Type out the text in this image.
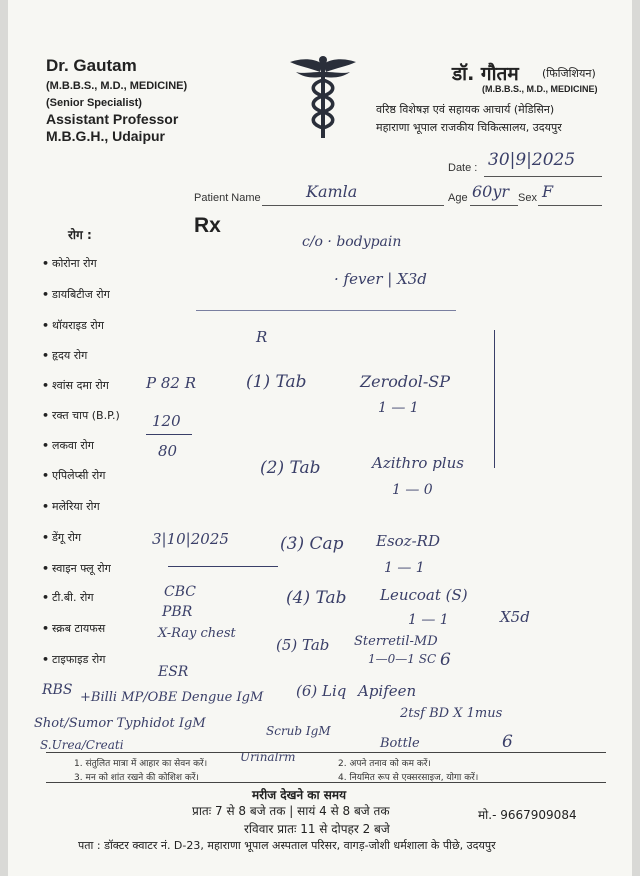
Dr. Gautam
(M.B.B.S., M.D., MEDICINE)
(Senior Specialist)
Assistant Professor
M.B.G.H., Udaipur
डॉ. गौतम (फिजिशियन)
(M.B.B.S., M.D., MEDICINE)
वरिष्ठ विशेषज्ञ एवं सहायक आचार्य (मेडिसिन)
महाराणा भूपाल राजकीय चिकित्सालय, उदयपुर
Date : 30|9|2025
Patient Name	Kamla	Age 60yr Sex F
Rx
रोग :
• कोरोना रोग
• डायबिटीज रोग
• थॉयराइड रोग
• हृदय रोग
• श्वांस दमा रोग
• रक्त चाप (B.P.)
• लकवा रोग
• एपिलेप्सी रोग
• मलेरिया रोग
• डेंगू रोग
• स्वाइन फ्लू रोग
• टी.बी. रोग
• स्क्रब टायफस
• टाइफाइड रोग
c/o · bodypain
· fever | X3d
R
P 82 R
120
80
(1) Tab	Zerodol-SP
1 — 1
(2) Tab	Azithro plus
1 — 0
3|10|2025	(3) Cap Esoz-RD
1 — 1
CBC
PBR
X-Ray chest
ESR
(4) Tab Leucoat (S)
1 — 1	X5d
(5) Tab Sterretil-MD
1—0—1 SC 6
RBS +Billi MP/OBE Dengue IgM (6) Liq Apifeen
Shot/Sumor Typhidot IgM	Scrub IgM
2tsf BD X 1mus
S.Urea/Creati
Urinalrm
Bottle	6
1. संतुलित मात्रा में आहार का सेवन करें।	2. अपने तनाव को कम करें।
3. मन को शांत रखने की कोशिश करें।	4. नियमित रूप से एक्सरसाइज, योगा करें।
मरीज देखने का समय
प्रातः 7 से 8 बजे तक | सायं 4 से 8 बजे तक	मो.- 9667909084
रविवार प्रातः 11 से दोपहर 2 बजे
पता : डॉक्टर क्वाटर नं. D-23, महाराणा भूपाल अस्पताल परिसर, वागड़-जोशी धर्मशाला के पीछे, उदयपुर
